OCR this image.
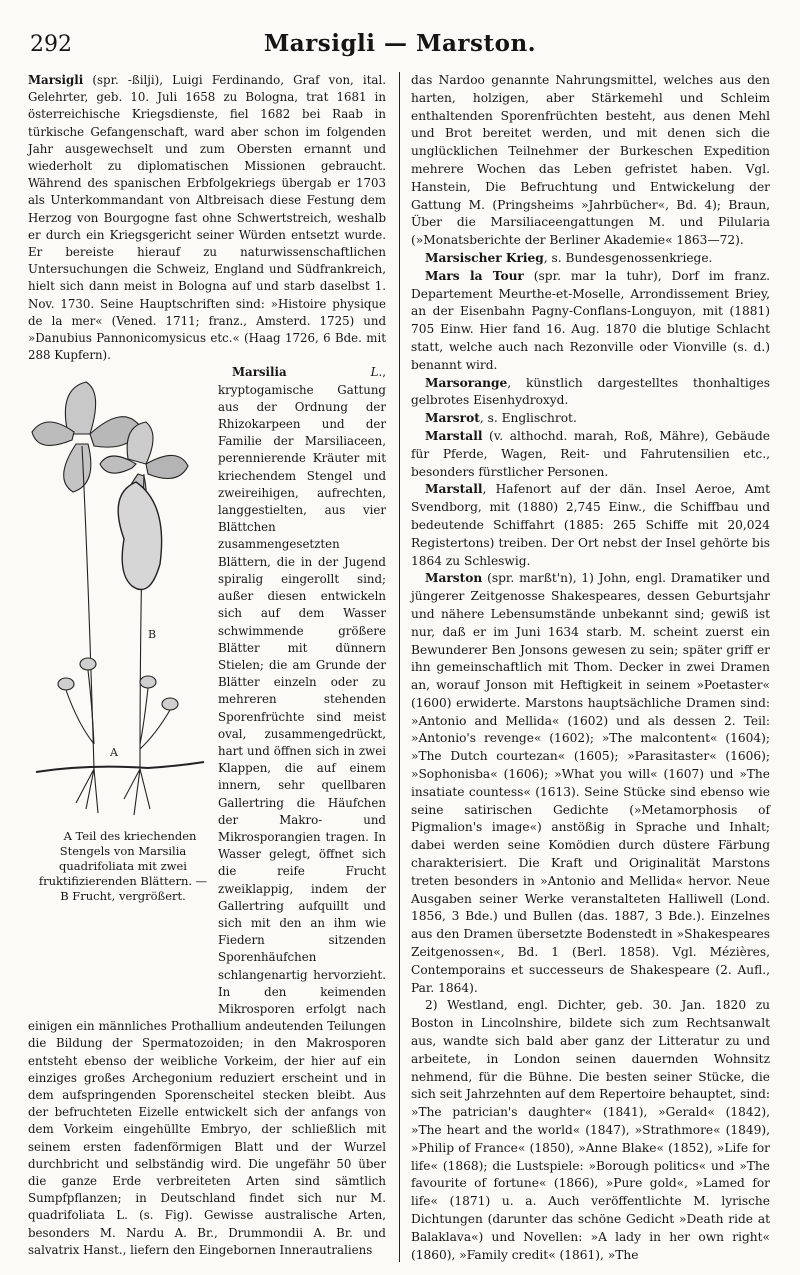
292	Marsigli — Marston.

Marsigli (spr. -ßilji), Luigi Ferdinando, Graf von, ital. Gelehrter, geb. 10. Juli 1658 zu Bologna, trat 1681 in österreichische Kriegsdienste, fiel 1682 bei Raab in türkische Gefangenschaft, ward aber schon im folgenden Jahr ausgewechselt und zum Obersten ernannt und wiederholt zu diplomatischen Missionen gebraucht. Während des spanischen Erbfolgekriegs übergab er 1703 als Unterkommandant von Altbreisach diese Festung dem Herzog von Bourgogne fast ohne Schwertstreich, weshalb er durch ein Kriegsgericht seiner Würden entsetzt wurde. Er bereiste hierauf zu naturwissenschaftlichen Untersuchungen die Schweiz, England und Südfrankreich, hielt sich dann meist in Bologna auf und starb daselbst 1. Nov. 1730. Seine Hauptschriften sind: »Histoire physique de la mer« (Vened. 1711; franz., Amsterd. 1725) und »Danubius Pannonicomysicus etc.« (Haag 1726, 6 Bde. mit 288 Kupfern).

B
A
A Teil des kriechenden Stengels von Marsilia quadrifoliata mit zwei fruktifizierenden Blättern. — B Frucht, vergrößert.
Marsilia L., kryptogamische Gattung aus der Ordnung der Rhizokarpeen und der Familie der Marsiliaceen, perennierende Kräuter mit kriechendem Stengel und zweireihigen, aufrechten, langgestielten, aus vier Blättchen zusammengesetzten Blättern, die in der Jugend spiralig eingerollt sind; außer diesen entwickeln sich auf dem Wasser schwimmende größere Blätter mit dünnern Stielen; die am Grunde der Blätter einzeln oder zu mehreren stehenden Sporenfrüchte sind meist oval, zusammengedrückt, hart und öffnen sich in zwei Klappen, die auf einem innern, sehr quellbaren Gallertring die Häufchen der Makro- und Mikrosporangien tragen. In Wasser gelegt, öffnet sich die reife Frucht zweiklappig, indem der Gallertring aufquillt und sich mit den an ihm wie Fiedern sitzenden Sporenhäufchen schlangenartig hervorzieht. In den keimenden Mikrosporen erfolgt nach einigen ein männliches Prothallium andeutenden Teilungen die Bildung der Spermatozoiden; in den Makrosporen entsteht ebenso der weibliche Vorkeim, der hier auf ein einziges großes Archegonium reduziert erscheint und in dem aufspringenden Sporenscheitel stecken bleibt. Aus der befruchteten Eizelle entwickelt sich der anfangs von dem Vorkeim eingehüllte Embryo, der schließlich mit seinem ersten fadenförmigen Blatt und der Wurzel durchbricht und selbständig wird. Die ungefähr 50 über die ganze Erde verbreiteten Arten sind sämtlich Sumpfpflanzen; in Deutschland findet sich nur M. quadrifoliata L. (s. Fig). Gewisse australische Arten, besonders M. Nardu A. Br., Drummondii A. Br. und salvatrix Hanst., liefern den Eingebornen Innerautraliens

das Nardoo genannte Nahrungsmittel, welches aus den harten, holzigen, aber Stärkemehl und Schleim enthaltenden Sporenfrüchten besteht, aus denen Mehl und Brot bereitet werden, und mit denen sich die unglücklichen Teilnehmer der Burkeschen Expedition mehrere Wochen das Leben gefristet haben. Vgl. Hanstein, Die Befruchtung und Entwickelung der Gattung M. (Pringsheims »Jahrbücher«, Bd. 4); Braun, Über die Marsiliaceengattungen M. und Pilularia (»Monatsberichte der Berliner Akademie« 1863—72).

Marsischer Krieg, s. Bundesgenossenkriege.

Mars la Tour (spr. mar la tuhr), Dorf im franz. Departement Meurthe-et-Moselle, Arrondissement Briey, an der Eisenbahn Pagny-Conflans-Longuyon, mit (1881) 705 Einw. Hier fand 16. Aug. 1870 die blutige Schlacht statt, welche auch nach Rezonville oder Vionville (s. d.) benannt wird.

Marsorange, künstlich dargestelltes thonhaltiges gelbrotes Eisenhydroxyd.

Marsrot, s. Englischrot.

Marstall (v. althochd. marah, Roß, Mähre), Gebäude für Pferde, Wagen, Reit- und Fahrutensilien etc., besonders fürstlicher Personen.

Marstall, Hafenort auf der dän. Insel Aeroe, Amt Svendborg, mit (1880) 2,745 Einw., die Schiffbau und bedeutende Schiffahrt (1885: 265 Schiffe mit 20,024 Registertons) treiben. Der Ort nebst der Insel gehörte bis 1864 zu Schleswig.

Marston (spr. marßt'n), 1) John, engl. Dramatiker und jüngerer Zeitgenosse Shakespeares, dessen Geburtsjahr und nähere Lebensumstände unbekannt sind; gewiß ist nur, daß er im Juni 1634 starb. M. scheint zuerst ein Bewunderer Ben Jonsons gewesen zu sein; später griff er ihn gemeinschaftlich mit Thom. Decker in zwei Dramen an, worauf Jonson mit Heftigkeit in seinem »Poetaster« (1600) erwiderte. Marstons hauptsächliche Dramen sind: »Antonio and Mellida« (1602) und als dessen 2. Teil: »Antonio's revenge« (1602); »The malcontent« (1604); »The Dutch courtezan« (1605); »Parasitaster« (1606); »Sophonisba« (1606); »What you will« (1607) und »The insatiate countess« (1613). Seine Stücke sind ebenso wie seine satirischen Gedichte (»Metamorphosis of Pigmalion's image«) anstößig in Sprache und Inhalt; dabei werden seine Komödien durch düstere Färbung charakterisiert. Die Kraft und Originalität Marstons treten besonders in »Antonio and Mellida« hervor. Neue Ausgaben seiner Werke veranstalteten Halliwell (Lond. 1856, 3 Bde.) und Bullen (das. 1887, 3 Bde.). Einzelnes aus den Dramen übersetzte Bodenstedt in »Shakespeares Zeitgenossen«, Bd. 1 (Berl. 1858). Vgl. Mézières, Contemporains et successeurs de Shakespeare (2. Aufl., Par. 1864).

2) Westland, engl. Dichter, geb. 30. Jan. 1820 zu Boston in Lincolnshire, bildete sich zum Rechtsanwalt aus, wandte sich bald aber ganz der Litteratur zu und arbeitete, in London seinen dauernden Wohnsitz nehmend, für die Bühne. Die besten seiner Stücke, die sich seit Jahrzehnten auf dem Repertoire behauptet, sind: »The patrician's daughter« (1841), »Gerald« (1842), »The heart and the world« (1847), »Strathmore« (1849), »Philip of France« (1850), »Anne Blake« (1852), »Life for life« (1868); die Lustspiele: »Borough politics« und »The favourite of fortune« (1866), »Pure gold«, »Lamed for life« (1871) u. a. Auch veröffentlichte M. lyrische Dichtungen (darunter das schöne Gedicht »Death ride at Balaklava«) und Novellen: »A lady in her own right« (1860), »Family credit« (1861), »The
